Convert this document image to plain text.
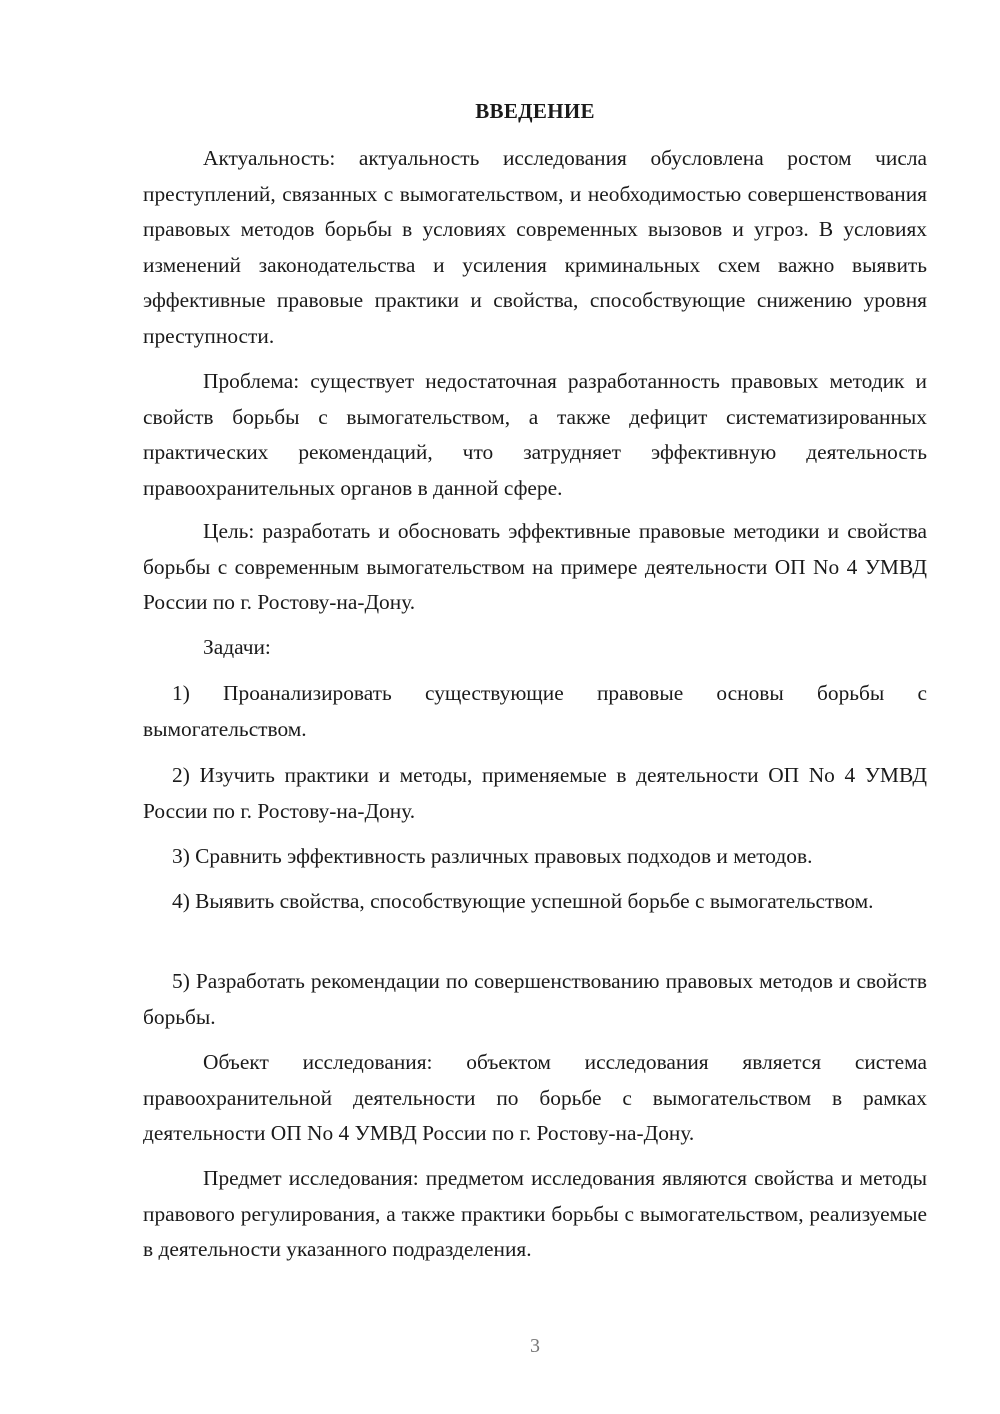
ВВЕДЕНИЕ

Актуальность: актуальность исследования обусловлена ростом числа преступлений, связанных с вымогательством, и необходимостью совершенствования правовых методов борьбы в условиях современных вызовов и угроз. В условиях изменений законодательства и усиления криминальных схем важно выявить эффективные правовые практики и свойства, способствующие снижению уровня преступности.

Проблема: существует недостаточная разработанность правовых методик и свойств борьбы с вымогательством, а также дефицит систематизированных практических рекомендаций, что затрудняет эффективную деятельность правоохранительных органов в данной сфере.

Цель: разработать и обосновать эффективные правовые методики и свойства борьбы с современным вымогательством на примере деятельности ОП No 4 УМВД России по г. Ростову-на-Дону.

Задачи:

1) Проанализировать существующие правовые основы борьбы с вымогательством.

2) Изучить практики и методы, применяемые в деятельности ОП No 4 УМВД России по г. Ростову-на-Дону.

3) Сравнить эффективность различных правовых подходов и методов.

4) Выявить свойства, способствующие успешной борьбе с вымогательством.

5) Разработать рекомендации по совершенствованию правовых методов и свойств борьбы.

Объект исследования: объектом исследования является система правоохранительной деятельности по борьбе с вымогательством в рамках деятельности ОП No 4 УМВД России по г. Ростову-на-Дону.

Предмет исследования: предметом исследования являются свойства и методы правового регулирования, а также практики борьбы с вымогательством, реализуемые в деятельности указанного подразделения.

3
